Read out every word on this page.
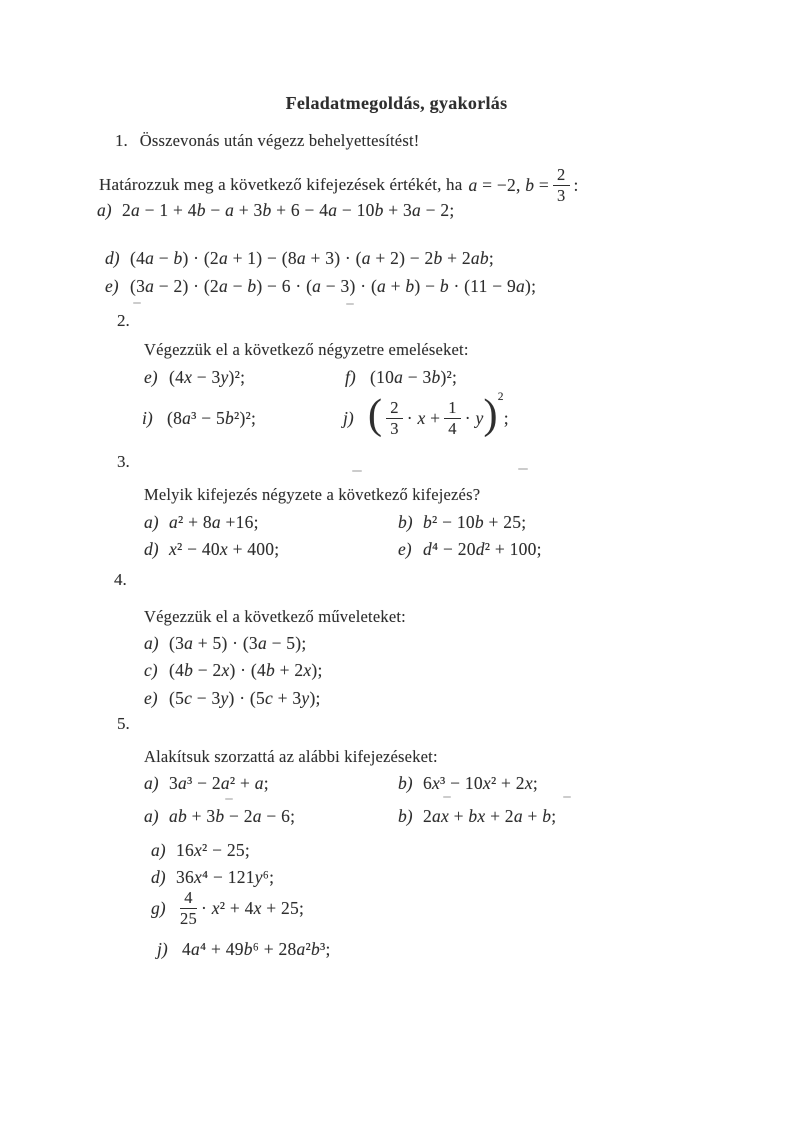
Feladatmegoldás, gyakorlás
1. Összevonás után végezz behelyettesítést!
Határozzuk meg a következő kifejezések értékét, ha a = −2, $b = \frac{2}{3}$ :
a) 2a − 1 + 4b − a + 3b + 6 − 4a − 10b + 3a − 2;
d) (4a − b) · (2a + 1) − (8a + 3) · (a + 2) − 2b + 2ab;
e) (3a − 2) · (2a − b) − 6 · (a − 3) · (a + b) − b · (11 − 9a);
2.
Végezzük el a következő négyzetre emeléseket:
e) (4x − 3y)²;	f) (10a − 3b)²;
i) (8a³ − 5b²)²;	j) ( $\frac{2}{3} \cdot x + \frac{1}{4} \cdot y$ ) 2
;
3.
Melyik kifejezés négyzete a következő kifejezés?
a) a² + 8a +16;	b) b² − 10b + 25;
d) x² − 40x + 400;	e) d⁴ − 20d² + 100;
4.
Végezzük el a következő műveleteket:
a) (3a + 5) · (3a − 5);
c) (4b − 2x) · (4b + 2x);
e) (5c − 3y) · (5c + 3y);
5.
Alakítsuk szorzattá az alábbi kifejezéseket:
a) 3a³ − 2a² + a;	b) 6x³ − 10x² + 2x;
a) ab + 3b − 2a − 6;	b) 2ax + bx + 2a + b;
a) 16x² − 25;
d) 36x⁴ − 121y⁶;
$g) \frac{4}{25} \cdot x^2 + 4x + 25$;
j) 4a⁴ + 49b⁶ + 28a²b³;
